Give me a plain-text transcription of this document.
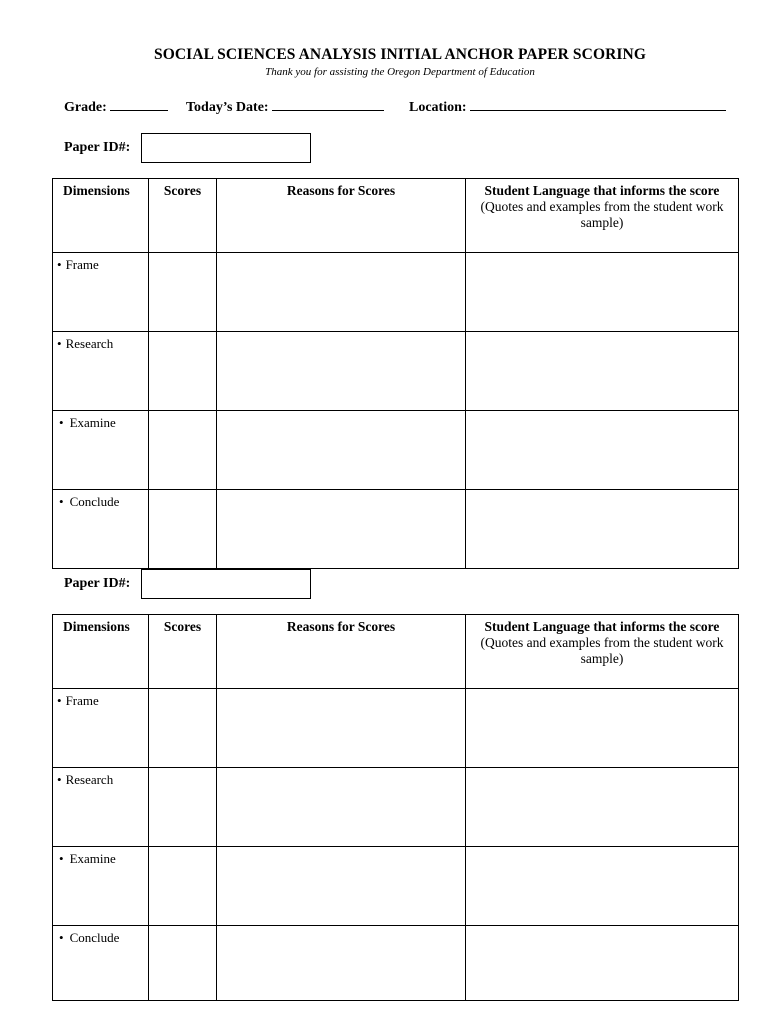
SOCIAL SCIENCES ANALYSIS INITIAL ANCHOR PAPER SCORING
Thank you for assisting the Oregon Department of Education
Grade:	Today’s Date:	Location:
Paper ID#:
Dimensions	Scores	Reasons for Scores	Student Language that informs the score
(Quotes and examples from the student work sample)

• Frame			
• Research			
• Examine			
• Conclude			
Paper ID#:
Dimensions	Scores	Reasons for Scores	Student Language that informs the score
(Quotes and examples from the student work sample)

• Frame			
• Research			
• Examine			
• Conclude			
